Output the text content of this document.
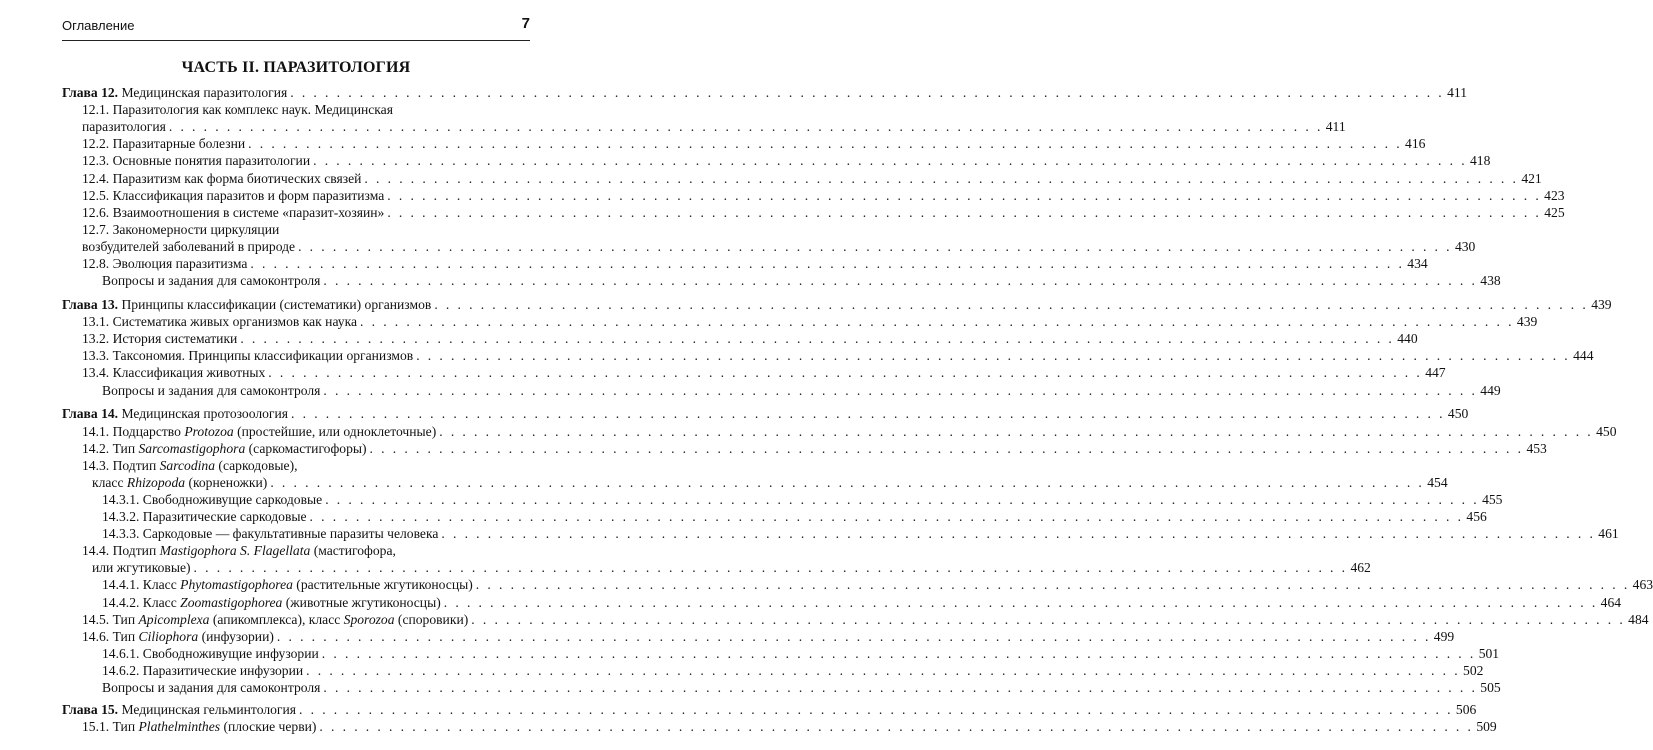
Оглавление	7
ЧАСТЬ II. ПАРАЗИТОЛОГИЯ
Глава 12. Медицинская паразитология . . .	411
12.1. Паразитология как комплекс наук. Медицинская
паразитология . . .	411
12.2. Паразитарные болезни . . .	416
12.3. Основные понятия паразитологии . . .	418
12.4. Паразитизм как форма биотических связей . . .	421
12.5. Классификация паразитов и форм паразитизма . . .	423
12.6. Взаимоотношения в системе «паразит-хозяин» . . .	425
12.7. Закономерности циркуляции
возбудителей заболеваний в природе . . .	430
12.8. Эволюция паразитизма . . .	434
Вопросы и задания для самоконтроля . . .	438
Глава 13. Принципы классификации (систематики) организмов . . .	439
13.1. Систематика живых организмов как наука . . .	439
13.2. История систематики . . .	440
13.3. Таксономия. Принципы классификации организмов . . .	444
13.4. Классификация животных . . .	447
Вопросы и задания для самоконтроля . . .	449
Глава 14. Медицинская протозоология . . .	450
14.1. Подцарство Protozoa (простейшие, или одноклеточные) . . .	450
14.2. Тип Sarcomastigophora (саркомастигофоры) . . .	453
14.3. Подтип Sarcodina (саркодовые),
класс Rhizopoda (корненожки) . . .	454
14.3.1. Свободноживущие саркодовые . . .	455
14.3.2. Паразитические саркодовые . . .	456
14.3.3. Саркодовые — факультативные паразиты человека . . .	461
14.4. Подтип Mastigophora S. Flagellata (мастигофора,
или жгутиковые) . . .	462
14.4.1. Класс Phytomastigophorea (растительные жгутиконосцы) . . .	463
14.4.2. Класс Zoomastigophorea (животные жгутиконосцы) . . .	464
14.5. Тип Apicomplexa (апикомплекса), класс Sporozoa (споровики) . . .	484
14.6. Тип Ciliophora (инфузории) . . .	499
14.6.1. Свободноживущие инфузории . . .	501
14.6.2. Паразитические инфузории . . .	502
Вопросы и задания для самоконтроля . . .	505
Глава 15. Медицинская гельминтология . . .	506
15.1. Тип Plathelminthes (плоские черви) . . .	509
